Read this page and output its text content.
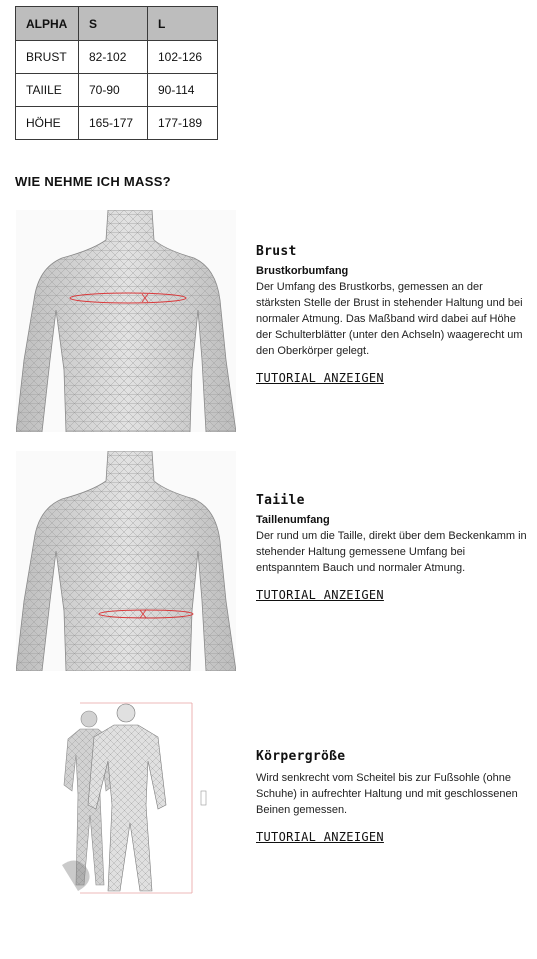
ALPHA	S	L
BRUST	82-102	102-126
TAIILE	70-90	90-114
HÖHE	165-177	177-189
WIE NEHME ICH MASS?
Brust
Brustkorbumfang

Der Umfang des Brustkorbs, gemessen an der stärksten Stelle der Brust in stehender Haltung und bei normaler Atmung. Das Maßband wird dabei auf Höhe der Schulterblätter (unter den Achseln) waagerecht um den Oberkörper gelegt.

TUTORIAL ANZEIGEN
Taiile
Taillenumfang

Der rund um die Taille, direkt über dem Beckenkamm in stehender Haltung gemessene Umfang bei entspanntem Bauch und normaler Atmung.

TUTORIAL ANZEIGEN
Körpergröße

Wird senkrecht vom Scheitel bis zur Fußsohle (ohne Schuhe) in aufrechter Haltung und mit geschlossenen Beinen gemessen.

TUTORIAL ANZEIGEN
